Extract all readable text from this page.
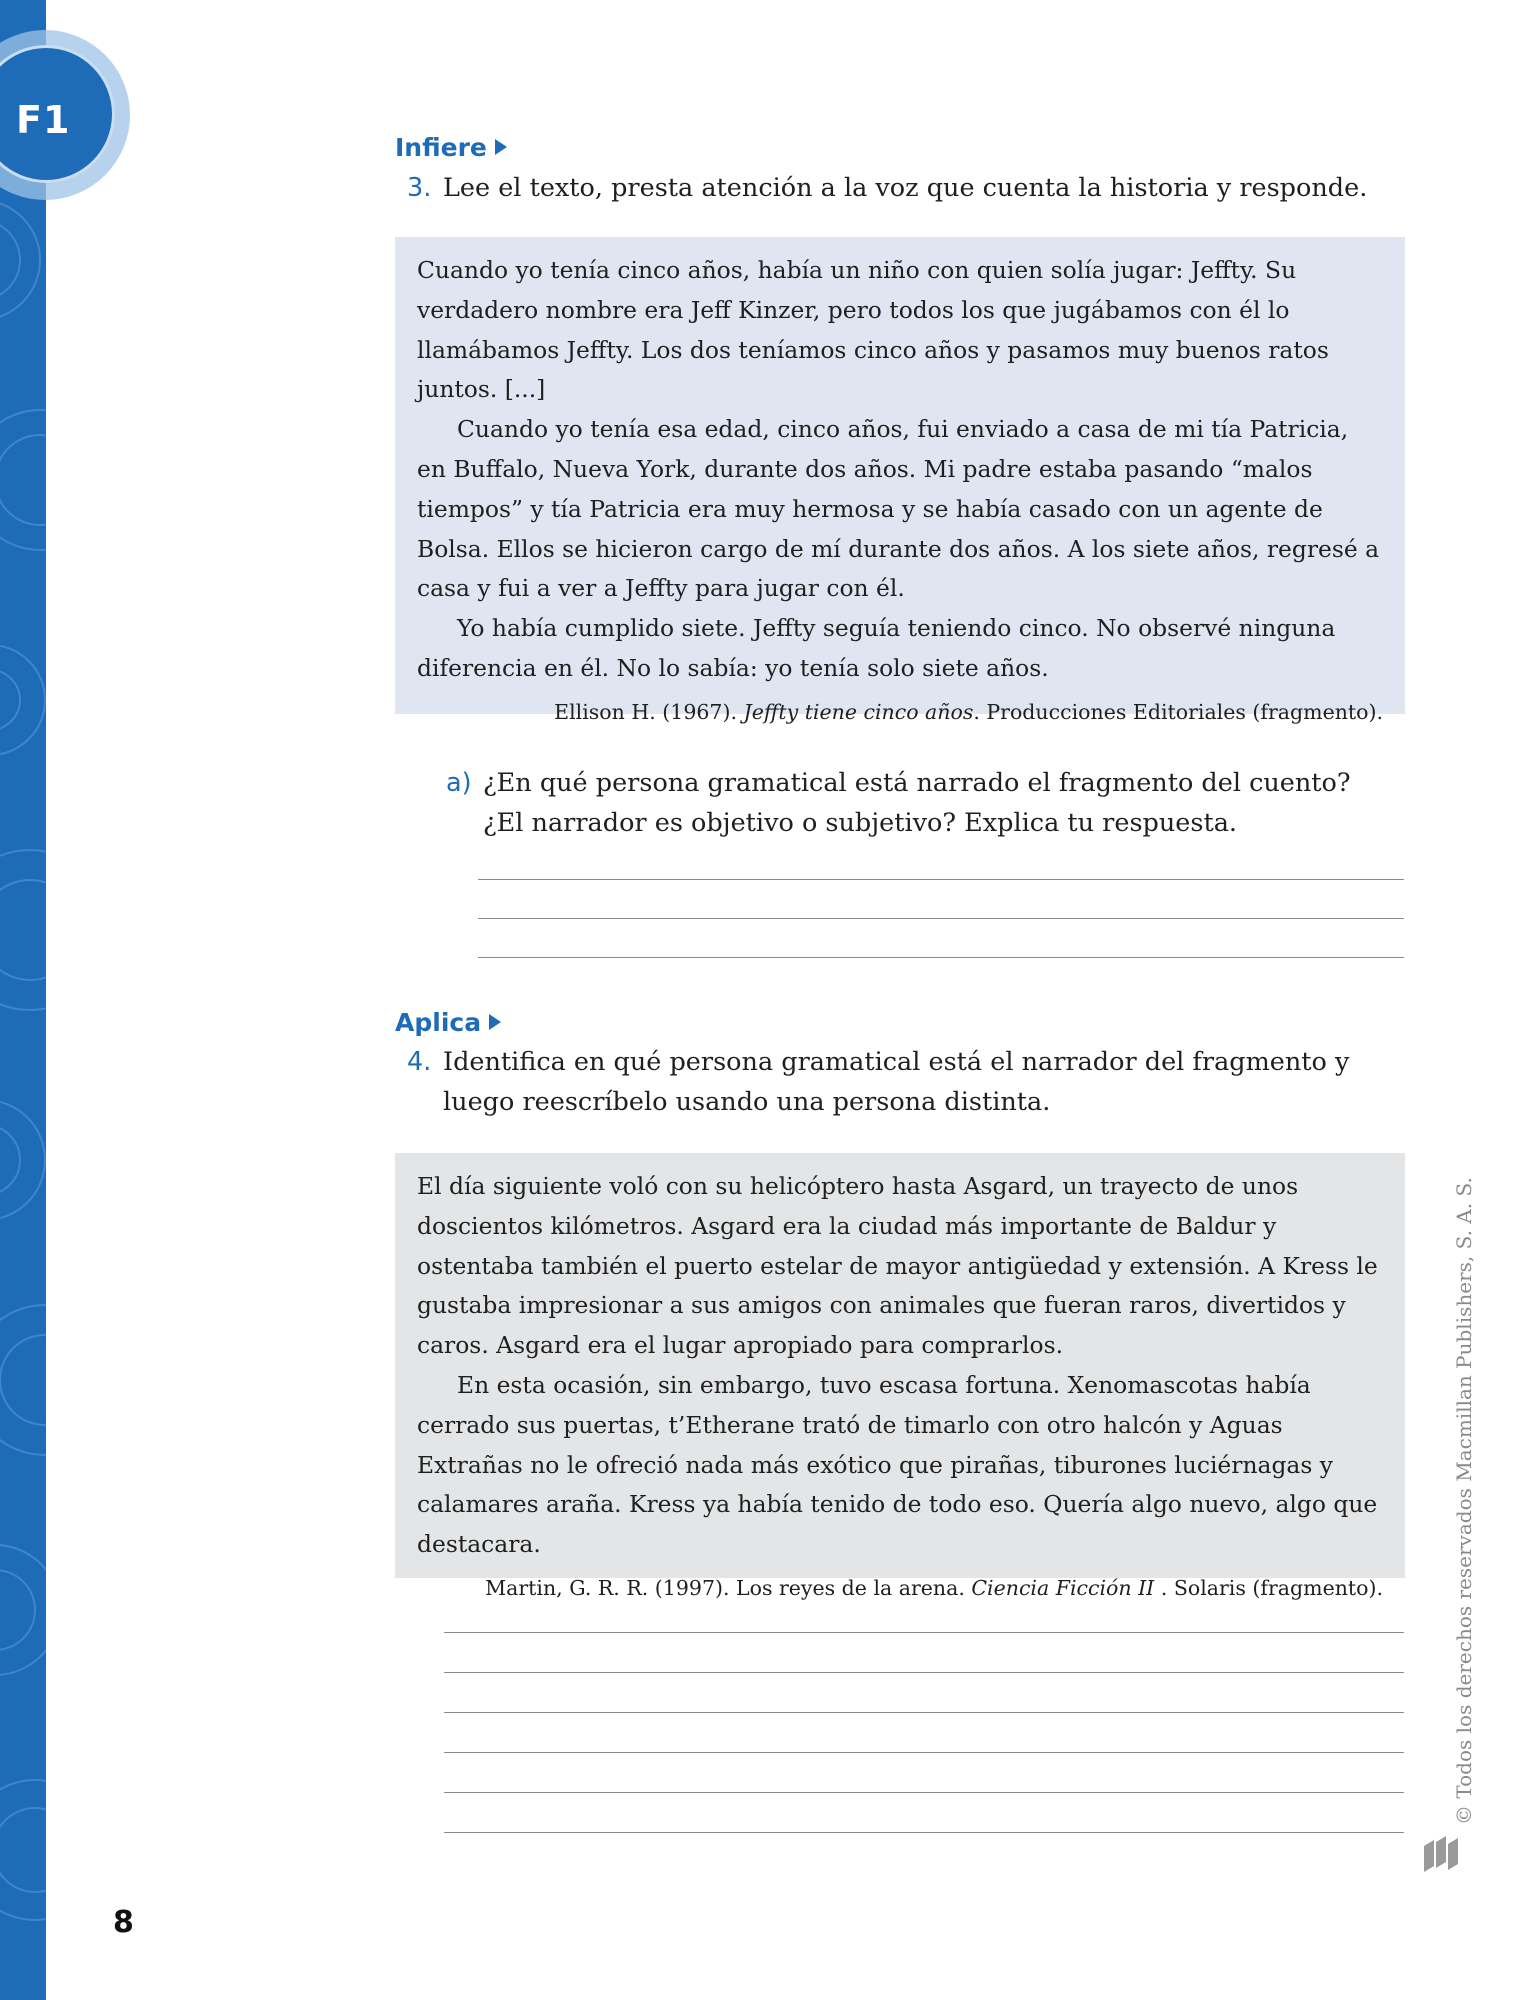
F1
Infiere
3. Lee el texto, presta atención a la voz que cuenta la historia y responde.

Cuando yo tenía cinco años, había un niño con quien solía jugar: Jeffty. Su verdadero nombre era Jeff Kinzer, pero todos los que jugábamos con él lo llamábamos Jeffty. Los dos teníamos cinco años y pasamos muy buenos ratos juntos. [...]

Cuando yo tenía esa edad, cinco años, fui enviado a casa de mi tía Patricia, en Buffalo, Nueva York, durante dos años. Mi padre estaba pasando “malos tiempos” y tía Patricia era muy hermosa y se había casado con un agente de Bolsa. Ellos se hicieron cargo de mí durante dos años. A los siete años, regresé a casa y fui a ver a Jeffty para jugar con él.

Yo había cumplido siete. Jeffty seguía teniendo cinco. No observé ninguna diferencia en él. No lo sabía: yo tenía solo siete años.

Ellison H. (1967). Jeffty tiene cinco años. Producciones Editoriales (fragmento).
a) ¿En qué persona gramatical está narrado el fragmento del cuento? ¿El narrador es objetivo o subjetivo? Explica tu respuesta.
Aplica
4. Identifica en qué persona gramatical está el narrador del fragmento y luego reescríbelo usando una persona distinta.

El día siguiente voló con su helicóptero hasta Asgard, un trayecto de unos doscientos kilómetros. Asgard era la ciudad más importante de Baldur y ostentaba también el puerto estelar de mayor antigüedad y extensión. A Kress le gustaba impresionar a sus amigos con animales que fueran raros, divertidos y caros. Asgard era el lugar apropiado para comprarlos.

En esta ocasión, sin embargo, tuvo escasa fortuna. Xenomascotas había cerrado sus puertas, t’Etherane trató de timarlo con otro halcón y Aguas Extrañas no le ofreció nada más exótico que pirañas, tiburones luciérnagas y calamares araña. Kress ya había tenido de todo eso. Quería algo nuevo, algo que destacara.

Martin, G. R. R. (1997). Los reyes de la arena. Ciencia Ficción II . Solaris (fragmento).
8
© Todos los derechos reservados Macmillan Publishers, S. A. S.
